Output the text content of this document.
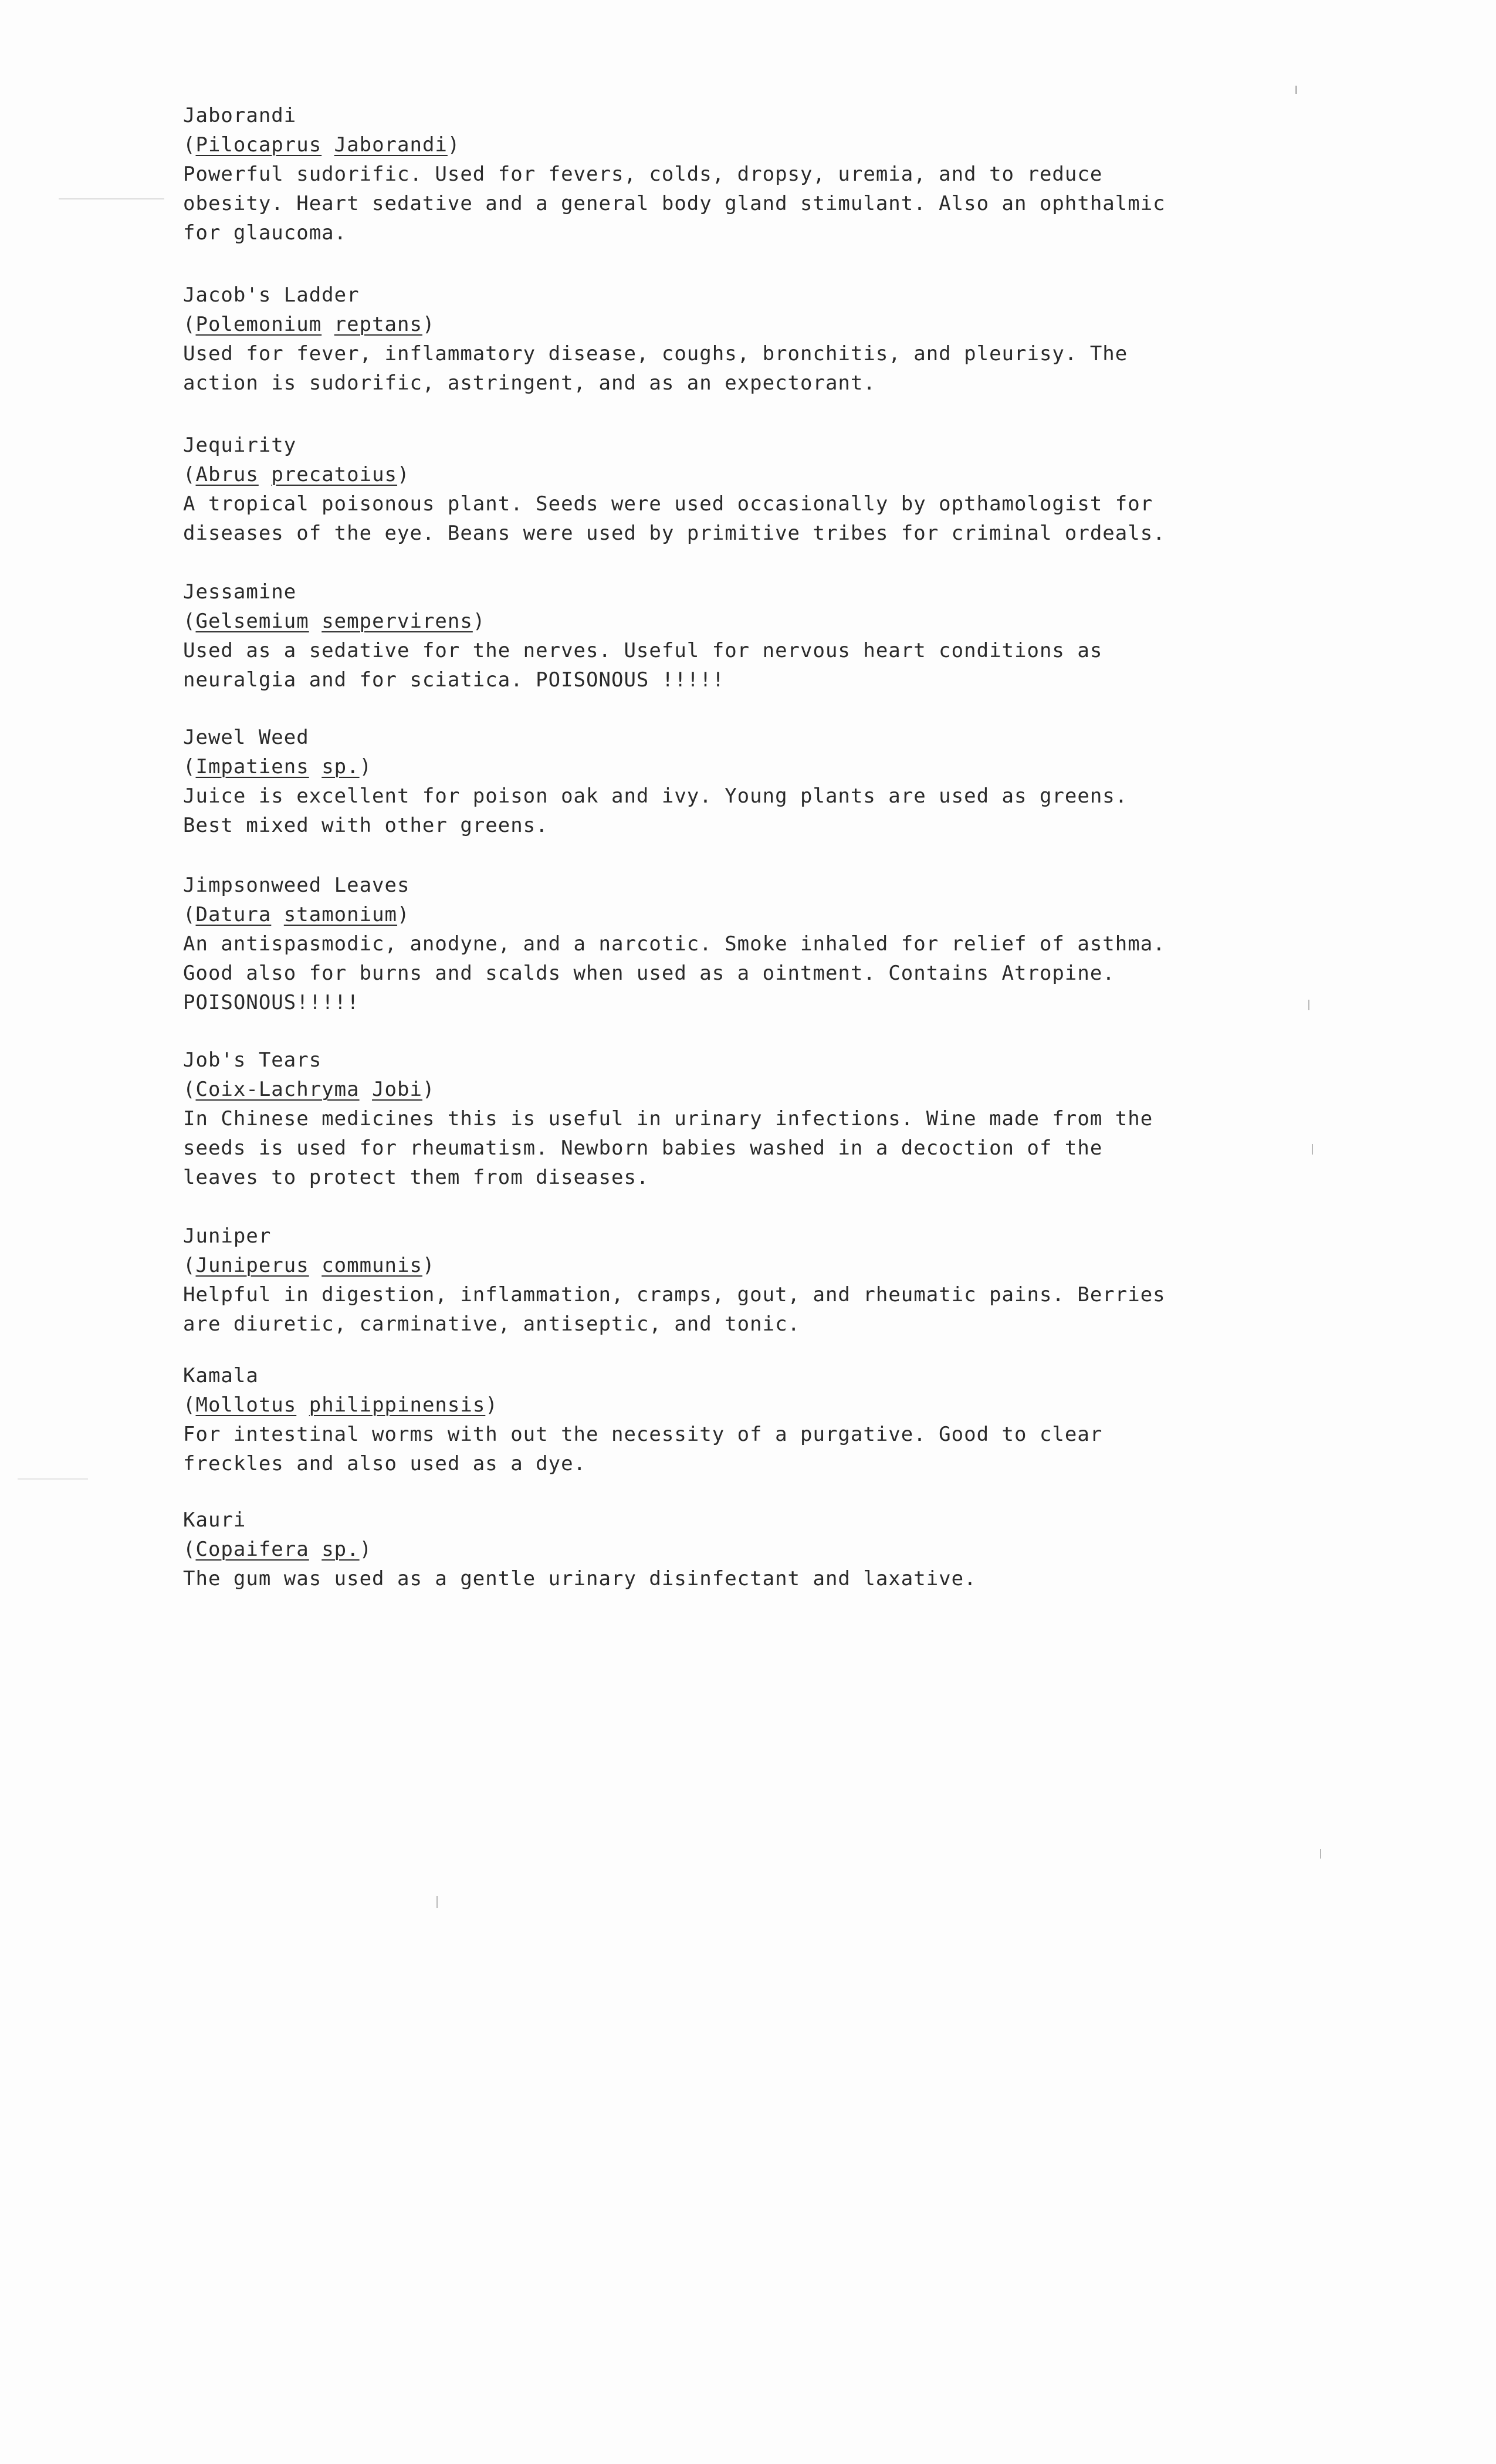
Jaborandi
(Pilocaprus Jaborandi)
Powerful sudorific. Used for fevers, colds, dropsy, uremia, and to reduce
obesity. Heart sedative and a general body gland stimulant. Also an ophthalmic
for glaucoma.
Jacob's Ladder
(Polemonium reptans)
Used for fever, inflammatory disease, coughs, bronchitis, and pleurisy. The
action is sudorific, astringent, and as an expectorant.
Jequirity
(Abrus precatoius)
A tropical poisonous plant. Seeds were used occasionally by opthamologist for
diseases of the eye. Beans were used by primitive tribes for criminal ordeals.
Jessamine
(Gelsemium sempervirens)
Used as a sedative for the nerves. Useful for nervous heart conditions as
neuralgia and for sciatica. POISONOUS !!!!!
Jewel Weed
(Impatiens sp.)
Juice is excellent for poison oak and ivy. Young plants are used as greens.
Best mixed with other greens.
Jimpsonweed Leaves
(Datura stamonium)
An antispasmodic, anodyne, and a narcotic. Smoke inhaled for relief of asthma.
Good also for burns and scalds when used as a ointment. Contains Atropine.
POISONOUS!!!!!
Job's Tears
(Coix-Lachryma Jobi)
In Chinese medicines this is useful in urinary infections. Wine made from the
seeds is used for rheumatism. Newborn babies washed in a decoction of the
leaves to protect them from diseases.
Juniper
(Juniperus communis)
Helpful in digestion, inflammation, cramps, gout, and rheumatic pains. Berries
are diuretic, carminative, antiseptic, and tonic.
Kamala
(Mollotus philippinensis)
For intestinal worms with out the necessity of a purgative. Good to clear
freckles and also used as a dye.
Kauri
(Copaifera sp.)
The gum was used as a gentle urinary disinfectant and laxative.
